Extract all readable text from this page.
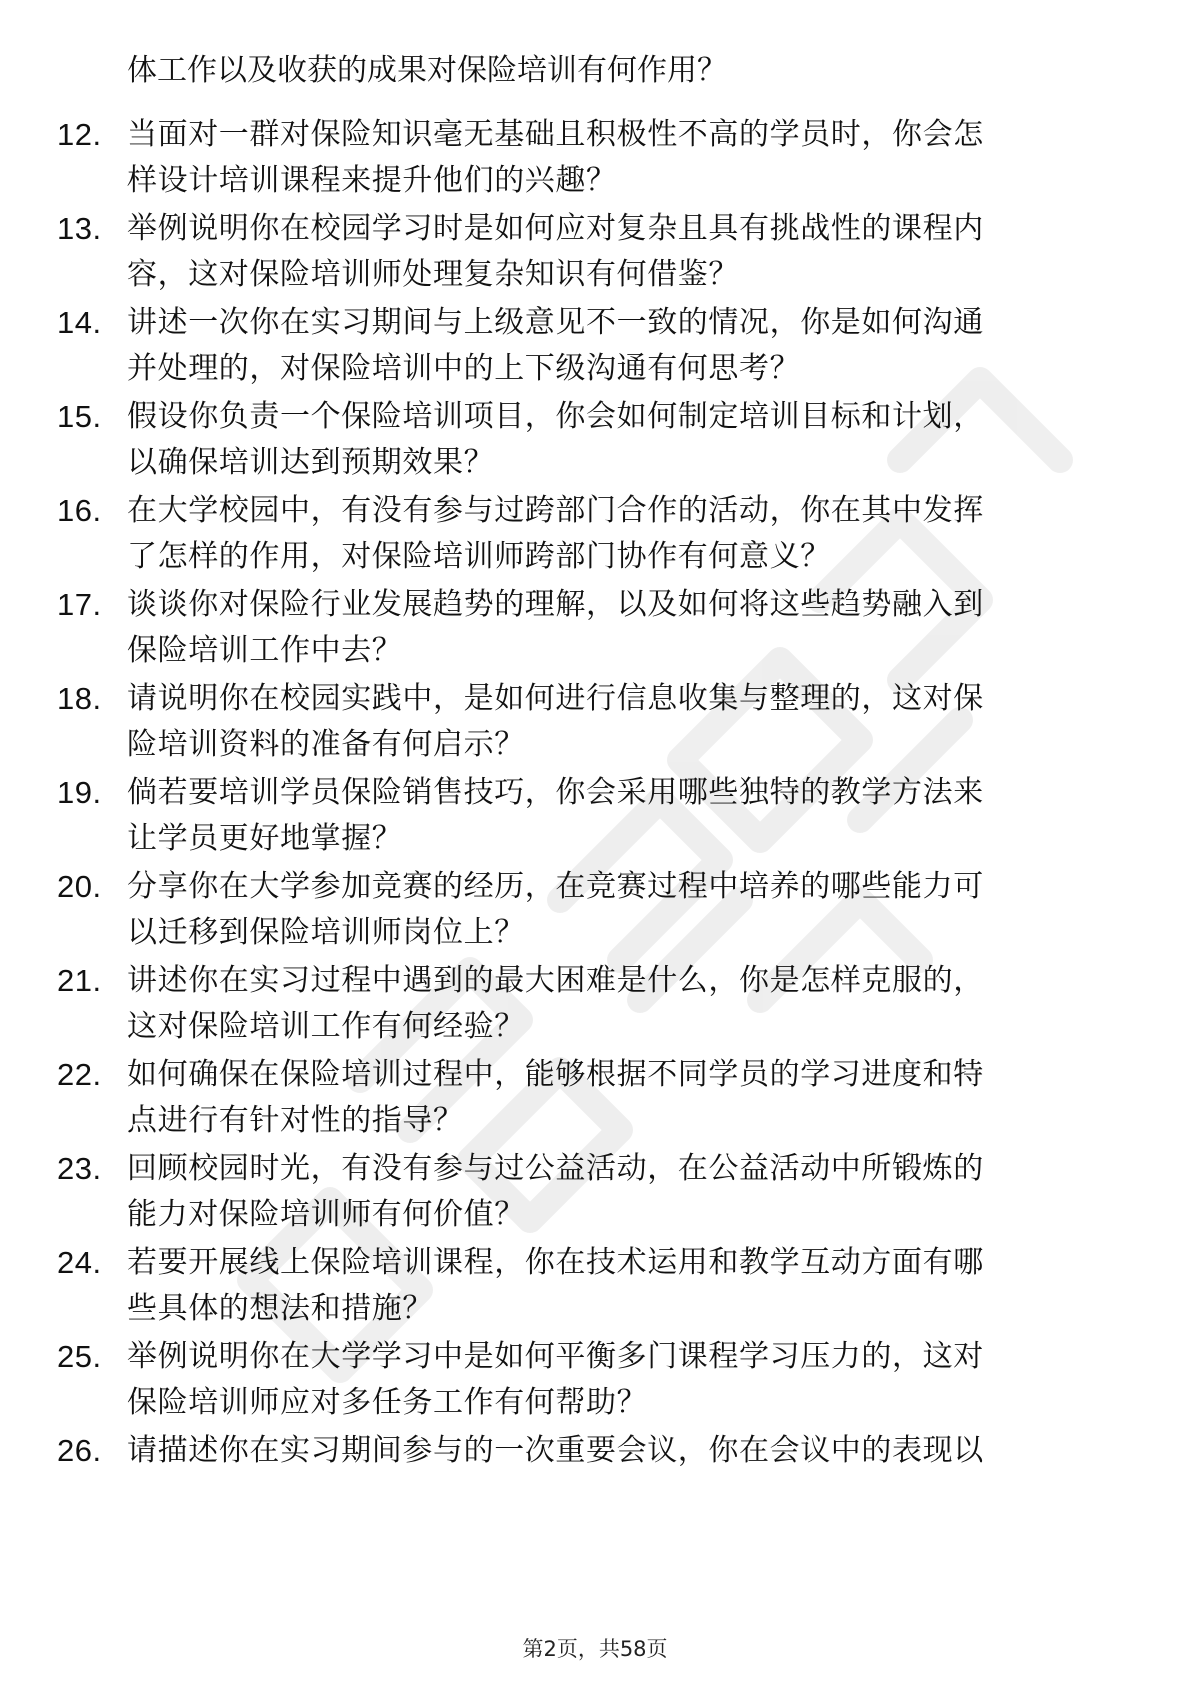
体工作以及收获的成果对保险培训有何作用？
12. 当面对一群对保险知识毫无基础且积极性不高的学员时，你会怎
样设计培训课程来提升他们的兴趣？
13. 举例说明你在校园学习时是如何应对复杂且具有挑战性的课程内
容，这对保险培训师处理复杂知识有何借鉴？
14. 讲述一次你在实习期间与上级意见不一致的情况，你是如何沟通
并处理的，对保险培训中的上下级沟通有何思考？
15. 假设你负责一个保险培训项目，你会如何制定培训目标和计划，
以确保培训达到预期效果？
16. 在大学校园中，有没有参与过跨部门合作的活动，你在其中发挥
了怎样的作用，对保险培训师跨部门协作有何意义？
17. 谈谈你对保险行业发展趋势的理解，以及如何将这些趋势融入到
保险培训工作中去？
18. 请说明你在校园实践中，是如何进行信息收集与整理的，这对保
险培训资料的准备有何启示？
19. 倘若要培训学员保险销售技巧，你会采用哪些独特的教学方法来
让学员更好地掌握？
20. 分享你在大学参加竞赛的经历，在竞赛过程中培养的哪些能力可
以迁移到保险培训师岗位上？
21. 讲述你在实习过程中遇到的最大困难是什么，你是怎样克服的，
这对保险培训工作有何经验？
22. 如何确保在保险培训过程中，能够根据不同学员的学习进度和特
点进行有针对性的指导？
23. 回顾校园时光，有没有参与过公益活动，在公益活动中所锻炼的
能力对保险培训师有何价值？
24. 若要开展线上保险培训课程，你在技术运用和教学互动方面有哪
些具体的想法和措施？
25. 举例说明你在大学学习中是如何平衡多门课程学习压力的，这对
保险培训师应对多任务工作有何帮助？
26. 请描述你在实习期间参与的一次重要会议，你在会议中的表现以
第2页，共58页
